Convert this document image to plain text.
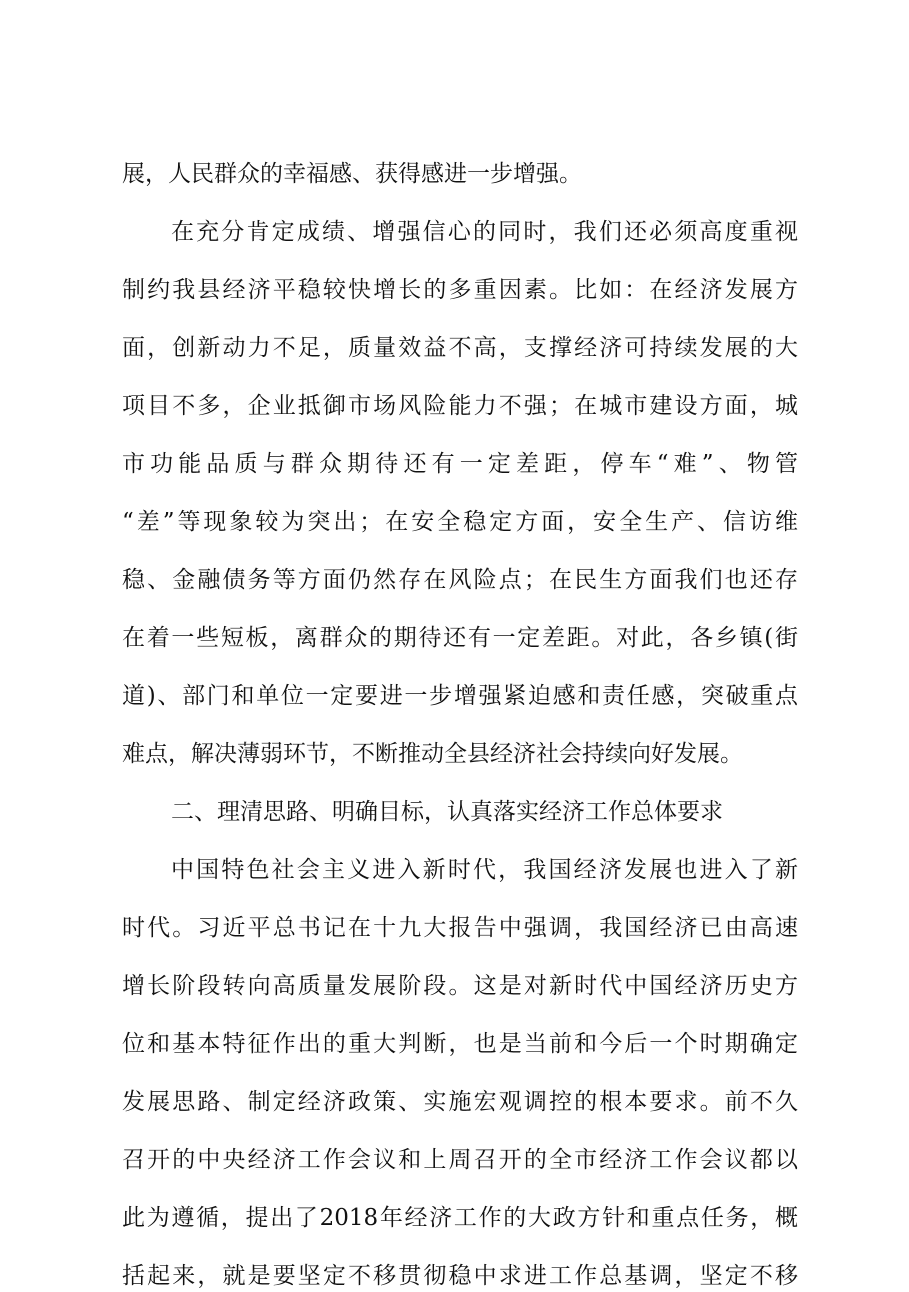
展，人民群众的幸福感、获得感进一步增强。
在充分肯定成绩、增强信心的同时，我们还必须高度重视
制约我县经济平稳较快增长的多重因素。比如：在经济发展方
面，创新动力不足，质量效益不高，支撑经济可持续发展的大
项目不多，企业抵御市场风险能力不强；在城市建设方面，城
市功能品质与群众期待还有一定差距，停车“难”、物管
“差”等现象较为突出；在安全稳定方面，安全生产、信访维
稳、金融债务等方面仍然存在风险点；在民生方面我们也还存
在着一些短板，离群众的期待还有一定差距。对此，各乡镇(街
道)、部门和单位一定要进一步增强紧迫感和责任感，突破重点
难点，解决薄弱环节，不断推动全县经济社会持续向好发展。
二、理清思路、明确目标，认真落实经济工作总体要求
中国特色社会主义进入新时代，我国经济发展也进入了新
时代。习近平总书记在十九大报告中强调，我国经济已由高速
增长阶段转向高质量发展阶段。这是对新时代中国经济历史方
位和基本特征作出的重大判断，也是当前和今后一个时期确定
发展思路、制定经济政策、实施宏观调控的根本要求。前不久
召开的中央经济工作会议和上周召开的全市经济工作会议都以
此为遵循，提出了2018年经济工作的大政方针和重点任务，概
括起来，就是要坚定不移贯彻稳中求进工作总基调，坚定不移
